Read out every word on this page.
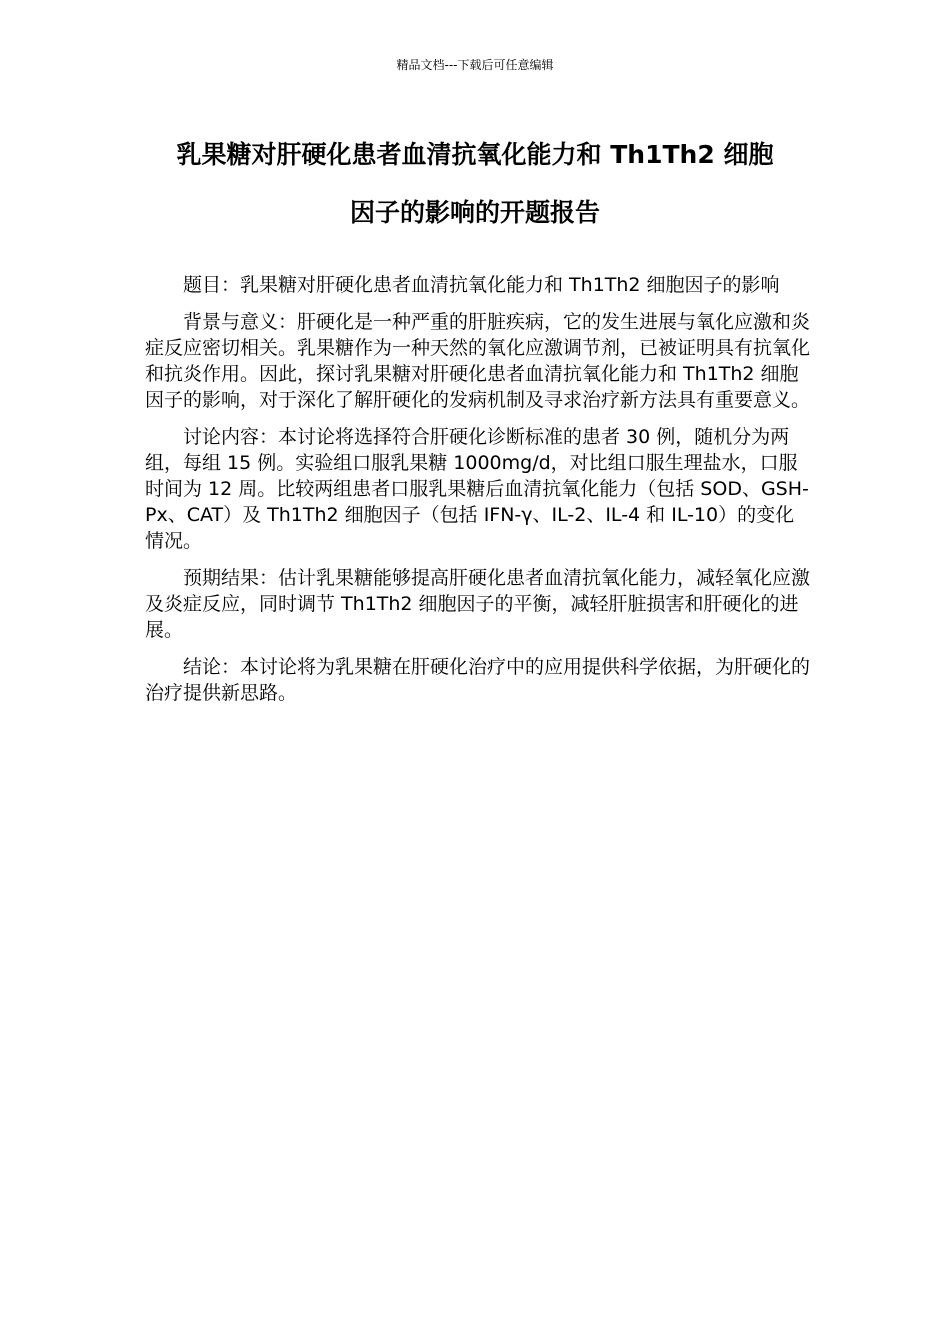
精品文档---下载后可任意编辑
乳果糖对肝硬化患者血清抗氧化能力和 Th1Th2 细胞
因子的影响的开题报告

题目：乳果糖对肝硬化患者血清抗氧化能力和 Th1Th2 细胞因子的影响

背景与意义：肝硬化是一种严重的肝脏疾病，它的发生进展与氧化应激和炎症反应密切相关。乳果糖作为一种天然的氧化应激调节剂，已被证明具有抗氧化和抗炎作用。因此，探讨乳果糖对肝硬化患者血清抗氧化能力和 Th1Th2 细胞因子的影响，对于深化了解肝硬化的发病机制及寻求治疗新方法具有重要意义。

讨论内容：本讨论将选择符合肝硬化诊断标准的患者 30 例，随机分为两组，每组 15 例。实验组口服乳果糖 1000mg/d，对比组口服生理盐水，口服时间为 12 周。比较两组患者口服乳果糖后血清抗氧化能力（包括 SOD、GSH-Px、CAT）及 Th1Th2 细胞因子（包括 IFN-γ、IL-2、IL-4 和 IL-10）的变化情况。

预期结果：估计乳果糖能够提高肝硬化患者血清抗氧化能力，减轻氧化应激及炎症反应，同时调节 Th1Th2 细胞因子的平衡，减轻肝脏损害和肝硬化的进展。

结论：本讨论将为乳果糖在肝硬化治疗中的应用提供科学依据，为肝硬化的治疗提供新思路。
